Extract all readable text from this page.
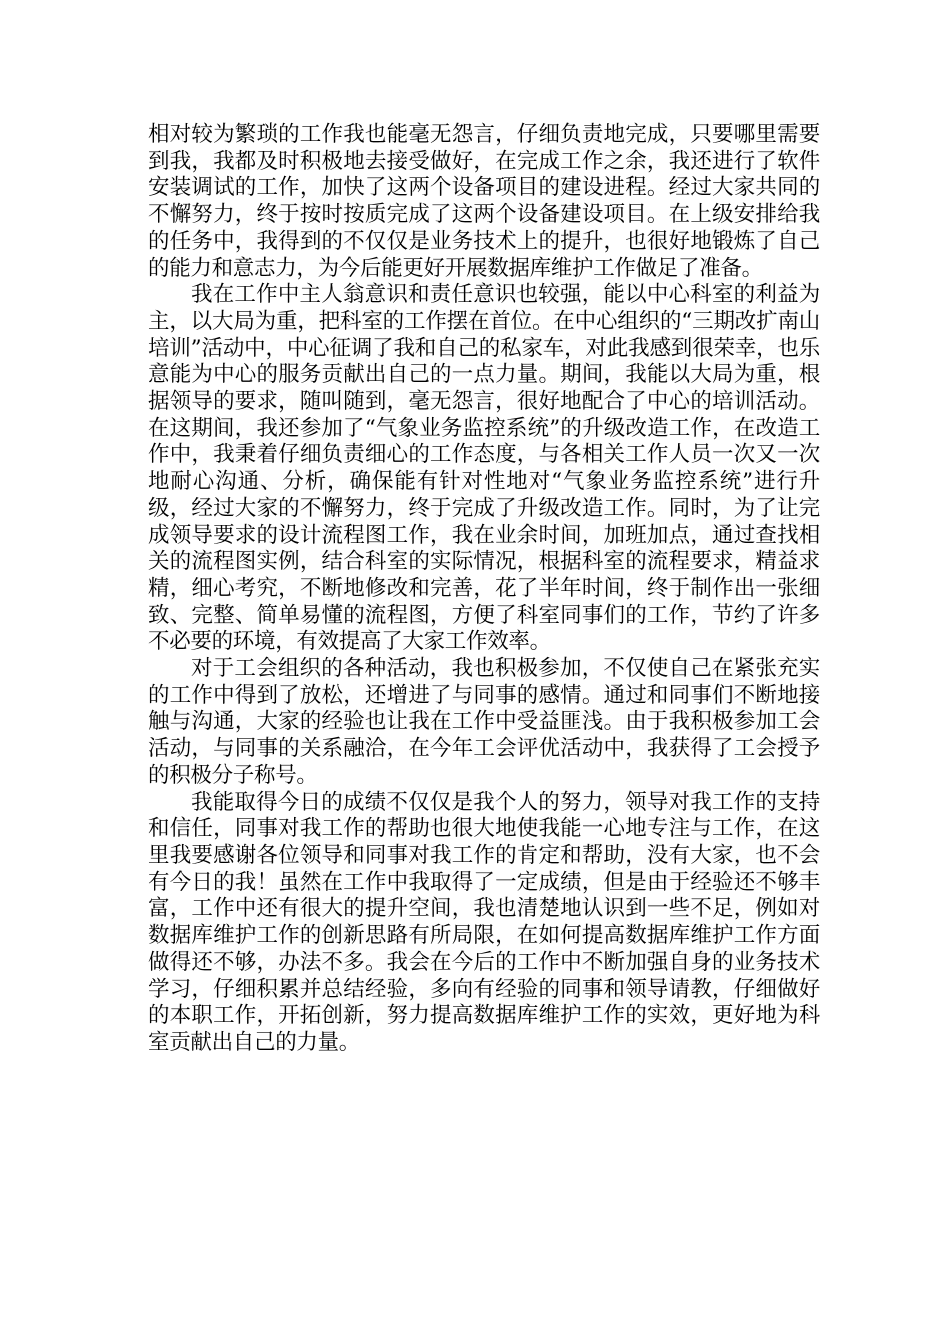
相对较为繁琐的工作我也能毫无怨言，仔细负责地完成，只要哪里需要到我，我都及时积极地去接受做好，在完成工作之余，我还进行了软件安装调试的工作，加快了这两个设备项目的建设进程。经过大家共同的不懈努力，终于按时按质完成了这两个设备建设项目。在上级安排给我的任务中，我得到的不仅仅是业务技术上的提升，也很好地锻炼了自己的能力和意志力，为今后能更好开展数据库维护工作做足了准备。

我在工作中主人翁意识和责任意识也较强，能以中心科室的利益为主，以大局为重，把科室的工作摆在首位。在中心组织的“三期改扩南山培训”活动中，中心征调了我和自己的私家车，对此我感到很荣幸，也乐意能为中心的服务贡献出自己的一点力量。期间，我能以大局为重，根据领导的要求，随叫随到，毫无怨言，很好地配合了中心的培训活动。在这期间，我还参加了“气象业务监控系统”的升级改造工作，在改造工作中，我秉着仔细负责细心的工作态度，与各相关工作人员一次又一次地耐心沟通、分析，确保能有针对性地对“气象业务监控系统”进行升级，经过大家的不懈努力，终于完成了升级改造工作。同时，为了让完成领导要求的设计流程图工作，我在业余时间，加班加点，通过查找相关的流程图实例，结合科室的实际情况，根据科室的流程要求，精益求精，细心考究，不断地修改和完善，花了半年时间，终于制作出一张细致、完整、简单易懂的流程图，方便了科室同事们的工作，节约了许多不必要的环境，有效提高了大家工作效率。

对于工会组织的各种活动，我也积极参加，不仅使自己在紧张充实的工作中得到了放松，还增进了与同事的感情。通过和同事们不断地接触与沟通，大家的经验也让我在工作中受益匪浅。由于我积极参加工会活动，与同事的关系融洽，在今年工会评优活动中，我获得了工会授予的积极分子称号。

我能取得今日的成绩不仅仅是我个人的努力，领导对我工作的支持和信任，同事对我工作的帮助也很大地使我能一心地专注与工作，在这里我要感谢各位领导和同事对我工作的肯定和帮助，没有大家，也不会有今日的我！虽然在工作中我取得了一定成绩，但是由于经验还不够丰富，工作中还有很大的提升空间，我也清楚地认识到一些不足，例如对数据库维护工作的创新思路有所局限，在如何提高数据库维护工作方面做得还不够，办法不多。我会在今后的工作中不断加强自身的业务技术学习，仔细积累并总结经验，多向有经验的同事和领导请教，仔细做好的本职工作，开拓创新，努力提高数据库维护工作的实效，更好地为科室贡献出自己的力量。
